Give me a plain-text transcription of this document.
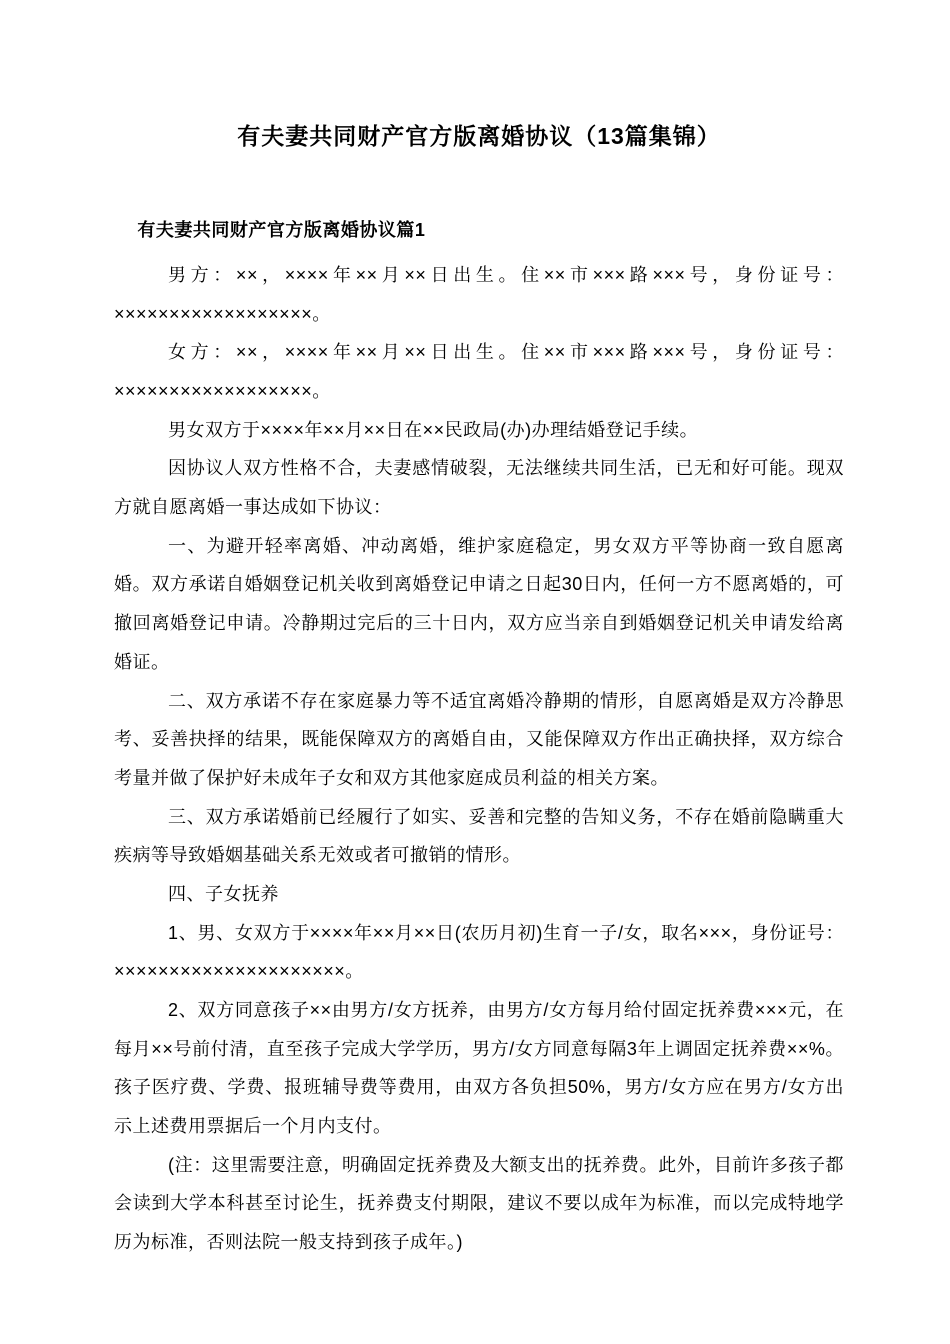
有夫妻共同财产官方版离婚协议（13篇集锦）
有夫妻共同财产官方版离婚协议篇1

男方：××，××××年××月××日出生。住××市×××路×××号，身份证号：××××××××××××××××××。

女方：××，××××年××月××日出生。住××市×××路×××号，身份证号：××××××××××××××××××。

男女双方于××××年××月××日在××民政局(办)办理结婚登记手续。

因协议人双方性格不合，夫妻感情破裂，无法继续共同生活，已无和好可能。现双方就自愿离婚一事达成如下协议：

一、为避开轻率离婚、冲动离婚，维护家庭稳定，男女双方平等协商一致自愿离婚。双方承诺自婚姻登记机关收到离婚登记申请之日起30日内，任何一方不愿离婚的，可撤回离婚登记申请。冷静期过完后的三十日内，双方应当亲自到婚姻登记机关申请发给离婚证。

二、双方承诺不存在家庭暴力等不适宜离婚冷静期的情形，自愿离婚是双方冷静思考、妥善抉择的结果，既能保障双方的离婚自由，又能保障双方作出正确抉择，双方综合考量并做了保护好未成年子女和双方其他家庭成员利益的相关方案。

三、双方承诺婚前已经履行了如实、妥善和完整的告知义务，不存在婚前隐瞒重大疾病等导致婚姻基础关系无效或者可撤销的情形。

四、子女抚养

1、男、女双方于××××年××月××日(农历月初)生育一子/女，取名×××，身份证号：×××××××××××××××××××××。

2、双方同意孩子××由男方/女方抚养，由男方/女方每月给付固定抚养费×××元，在每月××号前付清，直至孩子完成大学学历，男方/女方同意每隔3年上调固定抚养费××%。孩子医疗费、学费、报班辅导费等费用，由双方各负担50%，男方/女方应在男方/女方出示上述费用票据后一个月内支付。

(注：这里需要注意，明确固定抚养费及大额支出的抚养费。此外，目前许多孩子都会读到大学本科甚至讨论生，抚养费支付期限，建议不要以成年为标准，而以完成特地学历为标准，否则法院一般支持到孩子成年。)
